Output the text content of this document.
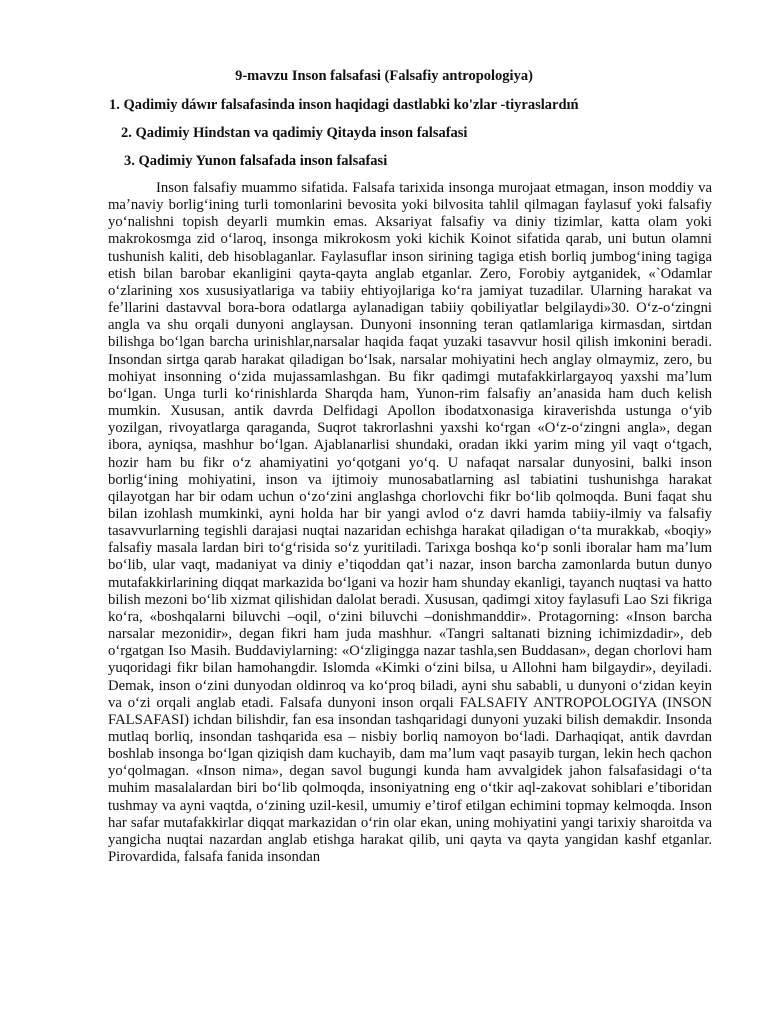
9-mavzu Inson falsafasi (Falsafiy antropologiya)
1. Qadimiy dáwır falsafasinda inson haqidagi dastlabki ko'zlar -tiyraslardıń
2. Qadimiy Hindstan va qadimiy Qitayda inson falsafasi
3. Qadimiy Yunon falsafada inson falsafasi

Inson falsafiy muammo sifatida. Falsafa tarixida insonga murojaat etmagan, inson moddiy va maʼnaviy borligʻining turli tomonlarini bevosita yoki bilvosita tahlil qilmagan faylasuf yoki falsafiy yoʻnalishni topish deyarli mumkin emas. Aksariyat falsafiy va diniy tizimlar, katta olam yoki makrokosmga zid oʻlaroq, insonga mikrokosm yoki kichik Koinot sifatida qarab, uni butun olamni tushunish kaliti, deb hisoblaganlar. Faylasuflar inson sirining tagiga etish borliq jumbogʻining tagiga etish bilan barobar ekanligini qayta-qayta anglab etganlar. Zero, Forobiy aytganidek, «`Odamlar oʻzlarining xos xususiyatlariga va tabiiy ehtiyojlariga koʻra jamiyat tuzadilar. Ularning harakat va feʼllarini dastavval bora-bora odatlarga aylanadigan tabiiy qobiliyatlar belgilaydi»30. Oʻz-oʻzingni angla va shu orqali dunyoni anglaysan. Dunyoni insonning teran qatlamlariga kirmasdan, sirtdan bilishga boʻlgan barcha urinishlar,narsalar haqida faqat yuzaki tasavvur hosil qilish imkonini beradi. Insondan sirtga qarab harakat qiladigan boʻlsak, narsalar mohiyatini hech anglay olmaymiz, zero, bu mohiyat insonning oʻzida mujassamlashgan. Bu fikr qadimgi mutafakkirlargayoq yaxshi maʼlum boʻlgan. Unga turli koʻrinishlarda Sharqda ham, Yunon-rim falsafiy anʼanasida ham duch kelish mumkin. Xususan, antik davrda Delfidagi Apollon ibodatxonasiga kiraverishda ustunga oʻyib yozilgan, rivoyatlarga qaraganda, Suqrot takrorlashni yaxshi koʻrgan «Oʻz-oʻzingni angla», degan ibora, ayniqsa, mashhur boʻlgan. Ajablanarlisi shundaki, oradan ikki yarim ming yil vaqt oʻtgach, hozir ham bu fikr oʻz ahamiyatini yoʻqotgani yoʻq. U nafaqat narsalar dunyosini, balki inson borligʻining mohiyatini, inson va ijtimoiy munosabatlarning asl tabiatini tushunishga harakat qilayotgan har bir odam uchun oʻzoʻzini anglashga chorlovchi fikr boʻlib qolmoqda. Buni faqat shu bilan izohlash mumkinki, ayni holda har bir yangi avlod oʻz davri hamda tabiiy-ilmiy va falsafiy tasavvurlarning tegishli darajasi nuqtai nazaridan echishga harakat qiladigan oʻta murakkab, «boqiy» falsafiy masala lardan biri toʻgʻrisida soʻz yuritiladi. Tarixga boshqa koʻp sonli iboralar ham maʼlum boʻlib, ular vaqt, madaniyat va diniy eʼtiqoddan qatʼi nazar, inson barcha zamonlarda butun dunyo mutafakkirlarining diqqat markazida boʻlgani va hozir ham shunday ekanligi, tayanch nuqtasi va hatto bilish mezoni boʻlib xizmat qilishidan dalolat beradi. Xususan, qadimgi xitoy faylasufi Lao Szi fikriga koʻra, «boshqalarni biluvchi –oqil, oʻzini biluvchi –donishmanddir». Protagorning: «Inson barcha narsalar mezonidir», degan fikri ham juda mashhur. «Tangri saltanati bizning ichimizdadir», deb oʻrgatgan Iso Masih. Buddaviylarning: «Oʻzligingga nazar tashla,sen Buddasan», degan chorlovi ham yuqoridagi fikr bilan hamohangdir. Islomda «Kimki oʻzini bilsa, u Allohni ham bilgaydir», deyiladi. Demak, inson oʻzini dunyodan oldinroq va koʻproq biladi, ayni shu sababli, u dunyoni oʻzidan keyin va oʻzi orqali anglab etadi. Falsafa dunyoni inson orqali FALSAFIY ANTROPOLOGIYA (INSON FALSAFASI) ichdan bilishdir, fan esa insondan tashqaridagi dunyoni yuzaki bilish demakdir. Insonda mutlaq borliq, insondan tashqarida esa – nisbiy borliq namoyon boʻladi. Darhaqiqat, antik davrdan boshlab insonga boʻlgan qiziqish dam kuchayib, dam maʼlum vaqt pasayib turgan, lekin hech qachon yoʻqolmagan. «Inson nima», degan savol bugungi kunda ham avvalgidek jahon falsafasidagi oʻta muhim masalalardan biri boʻlib qolmoqda, insoniyatning eng oʻtkir aql-zakovat sohiblari eʼtiboridan tushmay va ayni vaqtda, oʻzining uzil-kesil, umumiy eʼtirof etilgan echimini topmay kelmoqda. Inson har safar mutafakkirlar diqqat markazidan oʻrin olar ekan, uning mohiyatini yangi tarixiy sharoitda va yangicha nuqtai nazardan anglab etishga harakat qilib, uni qayta va qayta yangidan kashf etganlar. Pirovardida, falsafa fanida insondan
